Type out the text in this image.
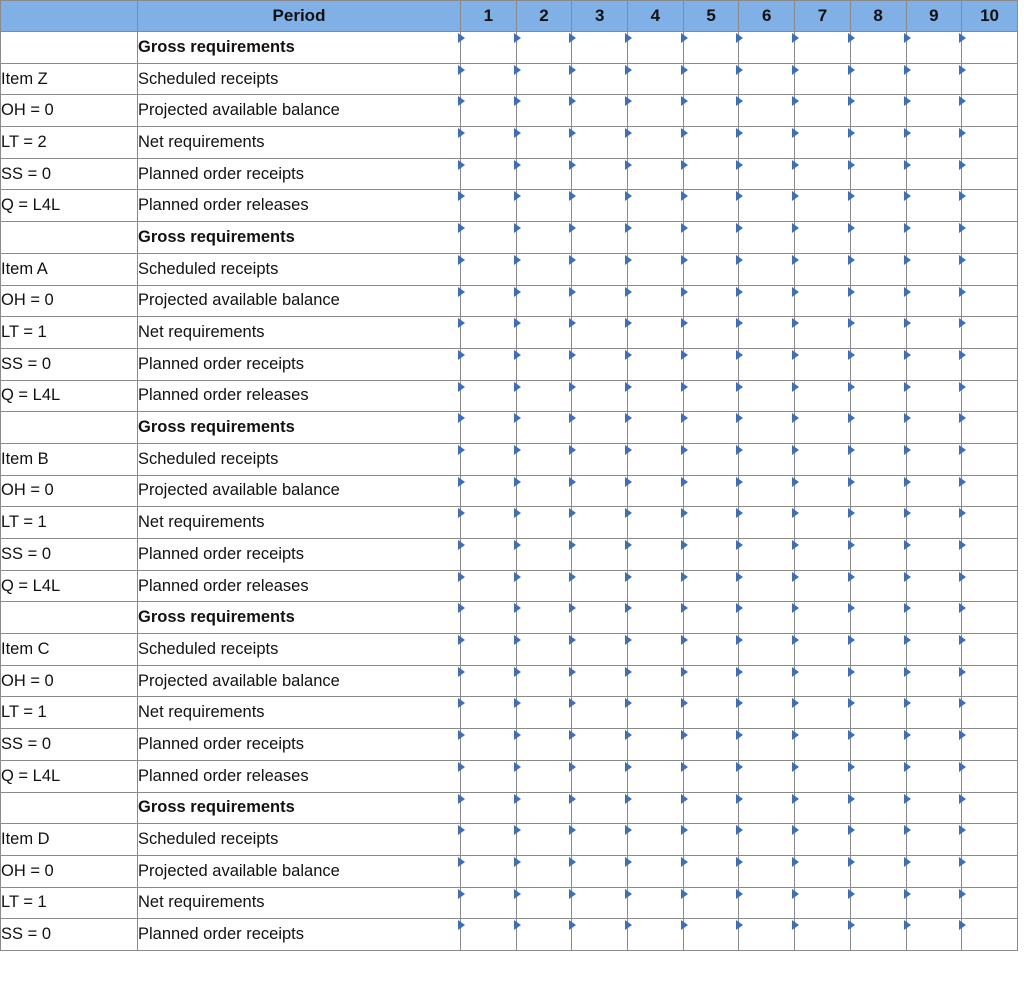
	Period	1	2	3	4	5	6	7	8	9	10
	Gross requirements	

Item Z	Scheduled receipts	

OH = 0	Projected available balance	

LT = 2	Net requirements	

SS = 0	Planned order receipts	

Q = L4L	Planned order releases	

	Gross requirements	

Item A	Scheduled receipts	

OH = 0	Projected available balance	

LT = 1	Net requirements	

SS = 0	Planned order receipts	

Q = L4L	Planned order releases	

	Gross requirements	

Item B	Scheduled receipts	

OH = 0	Projected available balance	

LT = 1	Net requirements	

SS = 0	Planned order receipts	

Q = L4L	Planned order releases	

	Gross requirements	

Item C	Scheduled receipts	

OH = 0	Projected available balance	

LT = 1	Net requirements	

SS = 0	Planned order receipts	

Q = L4L	Planned order releases	

	Gross requirements	

Item D	Scheduled receipts	

OH = 0	Projected available balance	

LT = 1	Net requirements	

SS = 0	Planned order receipts	
